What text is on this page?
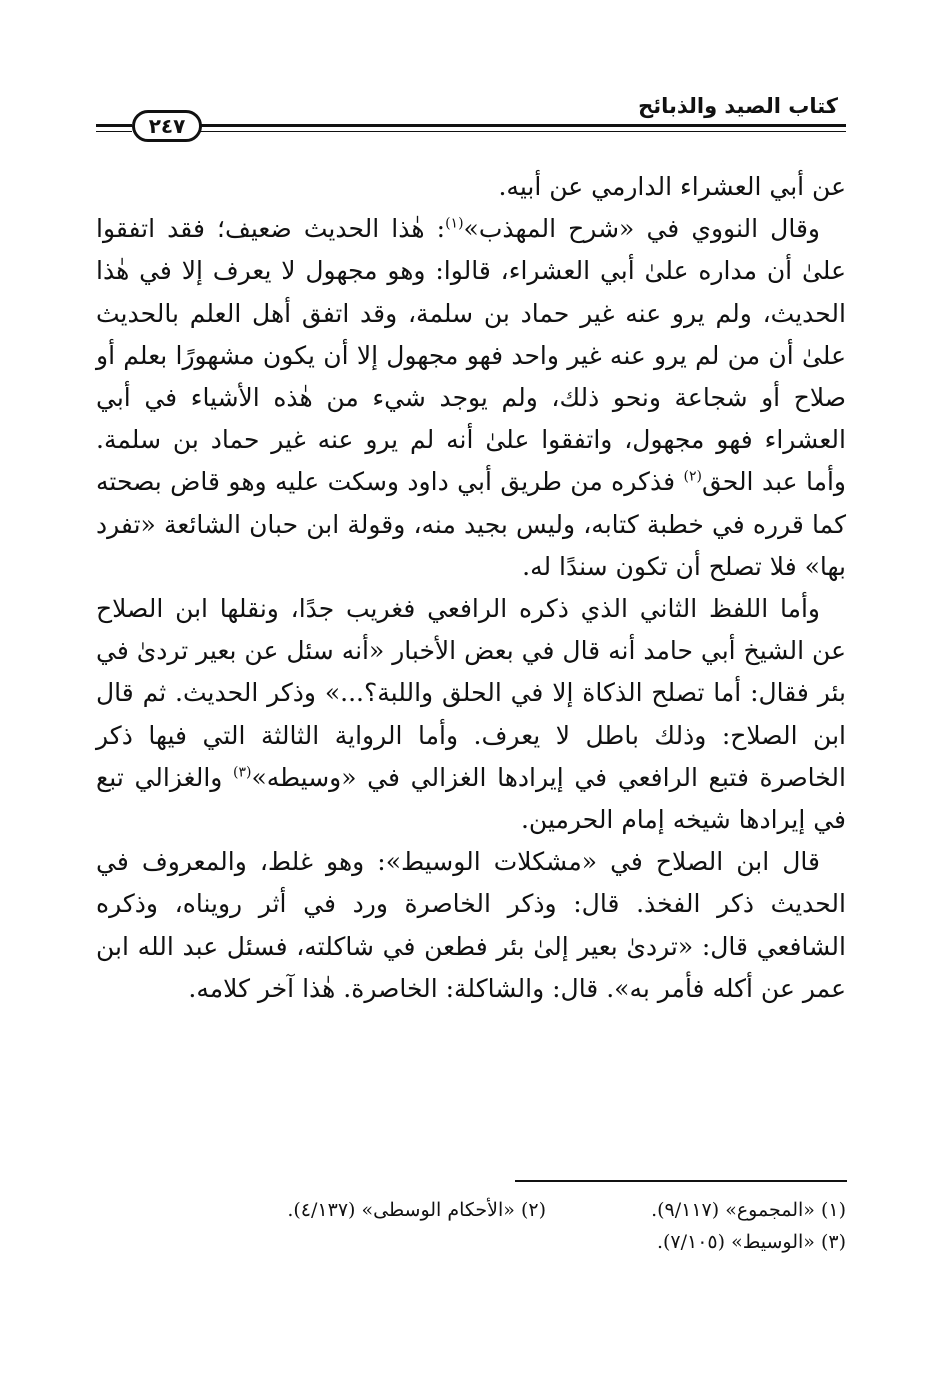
كتاب الصيد والذبائح
٢٤٧

عن أبي العشراء الدارمي عن أبيه.

وقال النووي في «شرح المهذب»$^{(١)}$: هٰذا الحديث ضعيف؛ فقد اتفقوا علىٰ أن مداره علىٰ أبي العشراء، قالوا: وهو مجهول لا يعرف إلا في هٰذا الحديث، ولم يرو عنه غير حماد بن سلمة، وقد اتفق أهل العلم بالحديث علىٰ أن من لم يرو عنه غير واحد فهو مجهول إلا أن يكون مشهورًا بعلم أو صلاح أو شجاعة ونحو ذلك، ولم يوجد شيء من هٰذه الأشياء في أبي العشراء فهو مجهول، واتفقوا علىٰ أنه لم يرو عنه غير حماد بن سلمة. وأما عبد الحق$^{(٢)}$ فذكره من طريق أبي داود وسكت عليه وهو قاض بصحته كما قرره في خطبة كتابه، وليس بجيد منه، وقولة ابن حبان الشائعة «تفرد بها» فلا تصلح أن تكون سندًا له.

وأما اللفظ الثاني الذي ذكره الرافعي فغريب جدًا، ونقلها ابن الصلاح عن الشيخ أبي حامد أنه قال في بعض الأخبار «أنه سئل عن بعير تردىٰ في بئر فقال: أما تصلح الذكاة إلا في الحلق واللبة؟...» وذكر الحديث. ثم قال ابن الصلاح: وذلك باطل لا يعرف. وأما الرواية الثالثة التي فيها ذكر الخاصرة فتبع الرافعي في إيرادها الغزالي في «وسيطه»$^{(٣)}$ والغزالي تبع في إيرادها شيخه إمام الحرمين.

قال ابن الصلاح في «مشكلات الوسيط»: وهو غلط، والمعروف في الحديث ذكر الفخذ. قال: وذكر الخاصرة ورد في أثر رويناه، وذكره الشافعي قال: «تردىٰ بعير إلىٰ بئر فطعن في شاكلته، فسئل عبد الله ابن عمر عن أكله فأمر به». قال: والشاكلة: الخاصرة. هٰذا آخر كلامه.

(١) «المجموع» (٩/١١٧).
(٢) «الأحكام الوسطى» (٤/١٣٧).
(٣) «الوسيط» (٧/١٠٥).
